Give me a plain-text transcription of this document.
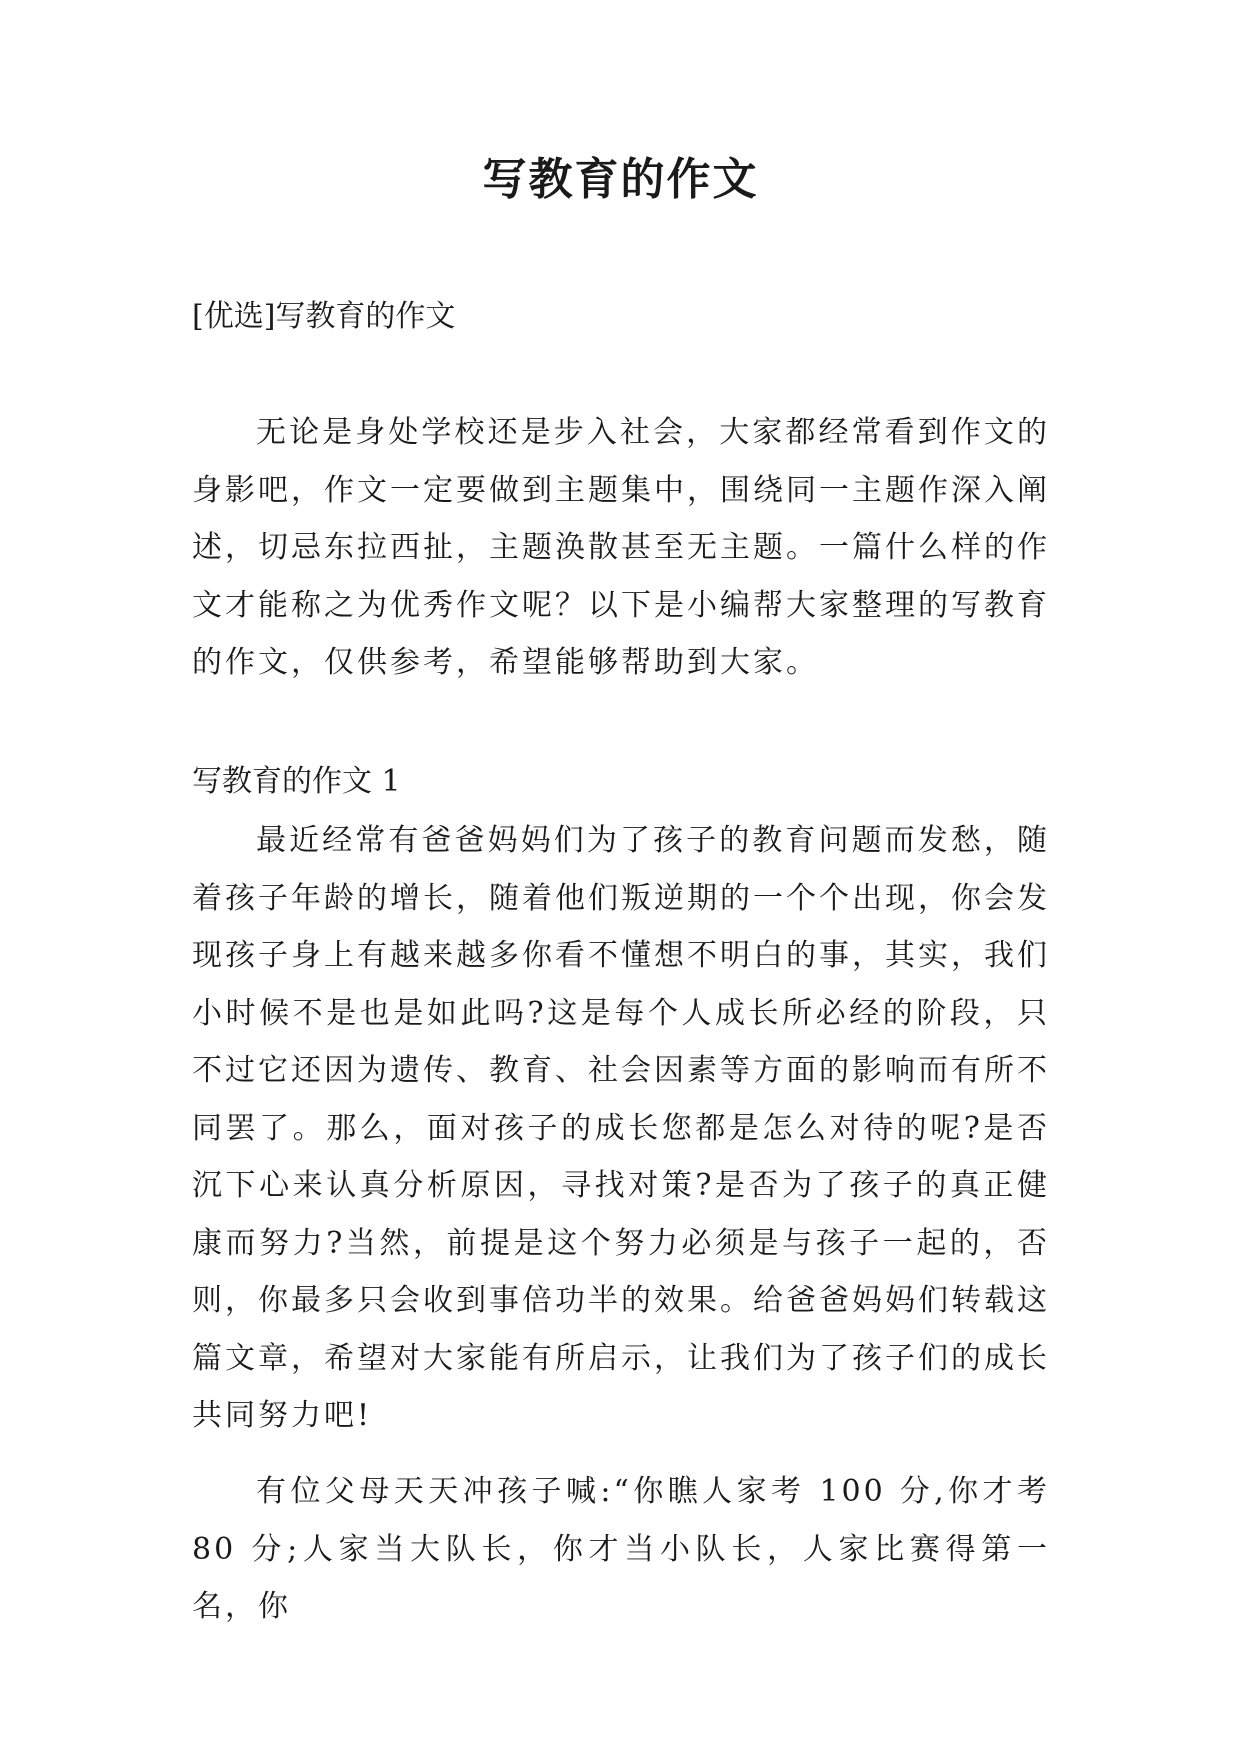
写教育的作文

[优选]写教育的作文

无论是身处学校还是步入社会，大家都经常看到作文的身影吧，作文一定要做到主题集中，围绕同一主题作深入阐述，切忌东拉西扯，主题涣散甚至无主题。一篇什么样的作文才能称之为优秀作文呢？以下是小编帮大家整理的写教育的作文，仅供参考，希望能够帮助到大家。

写教育的作文 1

最近经常有爸爸妈妈们为了孩子的教育问题而发愁，随着孩子年龄的增长，随着他们叛逆期的一个个出现，你会发现孩子身上有越来越多你看不懂想不明白的事，其实，我们小时候不是也是如此吗?这是每个人成长所必经的阶段，只不过它还因为遗传、教育、社会因素等方面的影响而有所不同罢了。那么，面对孩子的成长您都是怎么对待的呢?是否沉下心来认真分析原因，寻找对策?是否为了孩子的真正健康而努力?当然，前提是这个努力必须是与孩子一起的，否则，你最多只会收到事倍功半的效果。给爸爸妈妈们转载这篇文章，希望对大家能有所启示，让我们为了孩子们的成长共同努力吧!

有位父母天天冲孩子喊:“你瞧人家考 100 分,你才考 80 分;人家当大队长，你才当小队长，人家比赛得第一名，你
